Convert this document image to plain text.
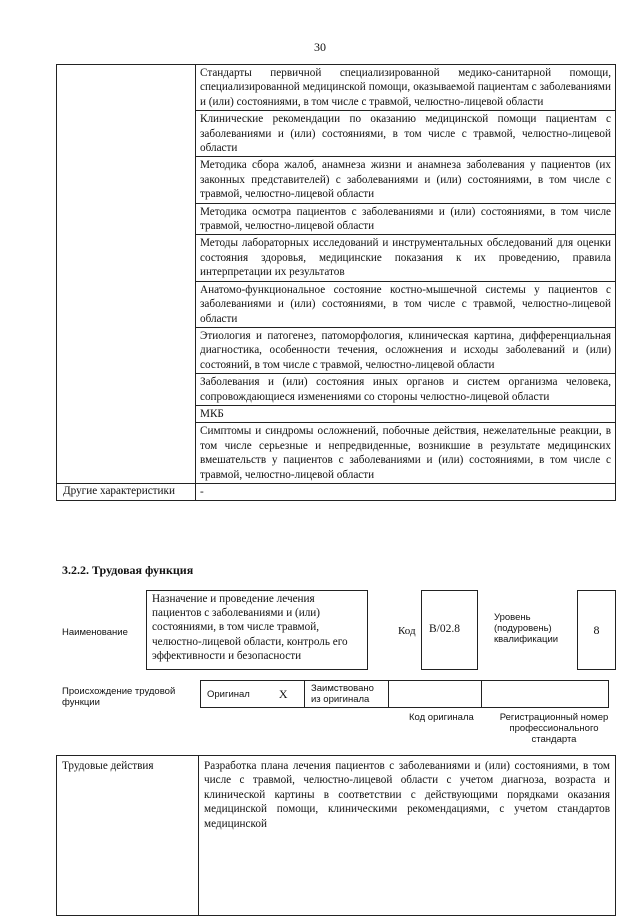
30
	Стандарты первичной специализированной медико-санитарной помощи, специализированной медицинской помощи, оказываемой пациентам с заболеваниями и (или) состояниями, в том числе с травмой, челюстно-лицевой области
	Клинические рекомендации по оказанию медицинской помощи пациентам с заболеваниями и (или) состояниями, в том числе с травмой, челюстно-лицевой области
	Методика сбора жалоб, анамнеза жизни и анамнеза заболевания у пациентов (их законных представителей) с заболеваниями и (или) состояниями, в том числе с травмой, челюстно-лицевой области
	Методика осмотра пациентов с заболеваниями и (или) состояниями, в том числе травмой, челюстно-лицевой области
	Методы лабораторных исследований и инструментальных обследований для оценки состояния здоровья, медицинские показания к их проведению, правила интерпретации их результатов
	Анатомо-функциональное состояние костно-мышечной системы у пациентов с заболеваниями и (или) состояниями, в том числе с травмой, челюстно-лицевой области
	Этиология и патогенез, патоморфология, клиническая картина, дифференциальная диагностика, особенности течения, осложнения и исходы заболеваний и (или) состояний, в том числе с травмой, челюстно-лицевой области
	Заболевания и (или) состояния иных органов и систем организма человека, сопровождающиеся изменениями со стороны челюстно-лицевой области
	МКБ
	Симптомы и синдромы осложнений, побочные действия, нежелательные реакции, в том числе серьезные и непредвиденные, возникшие в результате медицинских вмешательств у пациентов с заболеваниями и (или) состояниями, в том числе с травмой, челюстно-лицевой области
Другие характеристики	-
3.2.2. Трудовая функция
Наименование
Назначение и проведение лечения пациентов с заболеваниями и (или) состояниями, в том числе травмой, челюстно-лицевой области, контроль его эффективности и безопасности
Код	B/02.8
Уровень (подуровень) квалификации
8
Происхождение трудовой функции
Оригинал	X	Заимствовано из оригинала		
Код оригинала	Регистрационный номер профессионального стандарта
Трудовые действия	Разработка плана лечения пациентов с заболеваниями и (или) состояниями, в том числе с травмой, челюстно-лицевой области с учетом диагноза, возраста и клинической картины в соответствии с действующими порядками оказания медицинской помощи, клиническими рекомендациями, с учетом стандартов медицинской
